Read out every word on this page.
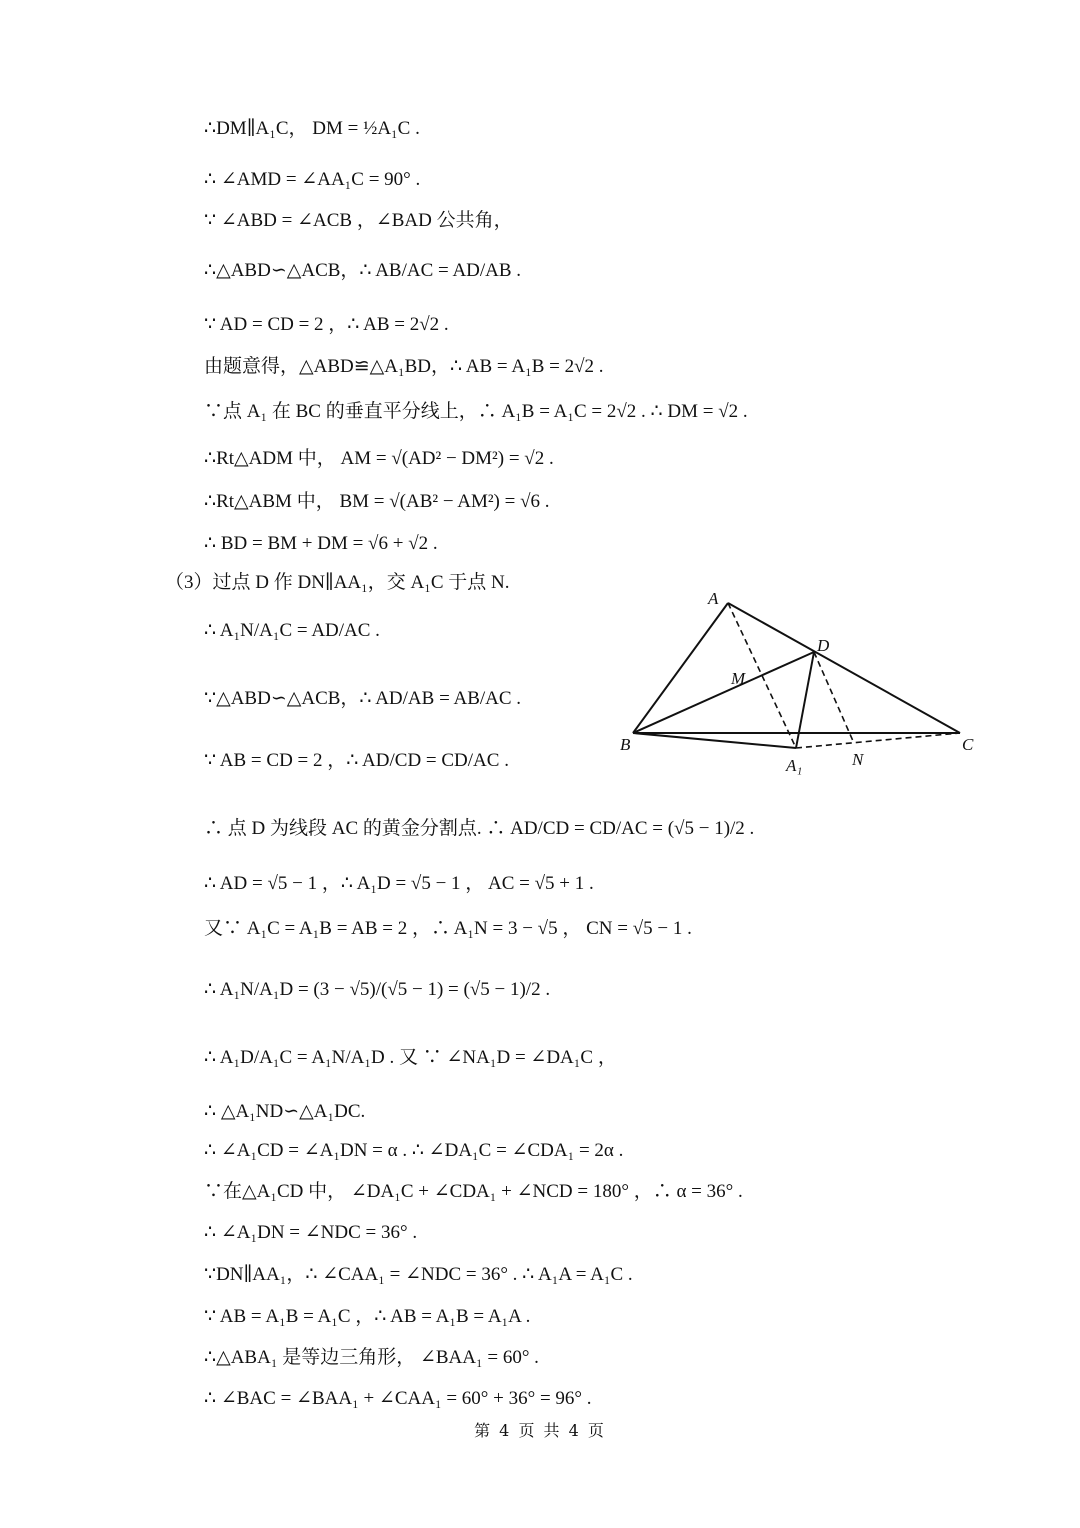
∴DM∥A₁C， DM = ½A₁C .
∴ ∠AMD = ∠AA₁C = 90° .
∵ ∠ABD = ∠ACB ，∠BAD 公共角，
∴△ABD∽△ACB，∴ AB/AC = AD/AB .
∵ AD = CD = 2 ，∴ AB = 2√2 .
由题意得，△ABD≌△A₁BD，∴ AB = A₁B = 2√2 .
∵点 A₁ 在 BC 的垂直平分线上，∴ A₁B = A₁C = 2√2 . ∴ DM = √2 .
∴Rt△ADM 中， AM = √(AD² − DM²) = √2 .
∴Rt△ABM 中， BM = √(AB² − AM²) = √6 .
∴ BD = BM + DM = √6 + √2 .
（3）过点 D 作 DN∥AA₁，交 A₁C 于点 N.
∴ A₁N/A₁C = AD/AC .
∵△ABD∽△ACB，∴ AD/AB = AB/AC .
∵ AB = CD = 2 ，∴ AD/CD = CD/AC .
∴ 点 D 为线段 AC 的黄金分割点. ∴ AD/CD = CD/AC = (√5 − 1)/2 .
∴ AD = √5 − 1 ，∴ A₁D = √5 − 1 ， AC = √5 + 1 .
又∵ A₁C = A₁B = AB = 2 ，∴ A₁N = 3 − √5 ， CN = √5 − 1 .
∴ A₁N/A₁D = (3 − √5)/(√5 − 1) = (√5 − 1)/2 .
∴ A₁D/A₁C = A₁N/A₁D . 又 ∵ ∠NA₁D = ∠DA₁C ，
∴ △A₁ND∽△A₁DC.
∴ ∠A₁CD = ∠A₁DN = α . ∴ ∠DA₁C = ∠CDA₁ = 2α .
∵在△A₁CD 中， ∠DA₁C + ∠CDA₁ + ∠NCD = 180° ，∴ α = 36° .
∴ ∠A₁DN = ∠NDC = 36° .
∵DN∥AA₁，∴ ∠CAA₁ = ∠NDC = 36° . ∴ A₁A = A₁C .
∵ AB = A₁B = A₁C ，∴ AB = A₁B = A₁A .
∴△ABA₁ 是等边三角形， ∠BAA₁ = 60° .
∴ ∠BAC = ∠BAA₁ + ∠CAA₁ = 60° + 36° = 96° .
A
D
M
B	C
A₁	N
第 4 页 共 4 页
